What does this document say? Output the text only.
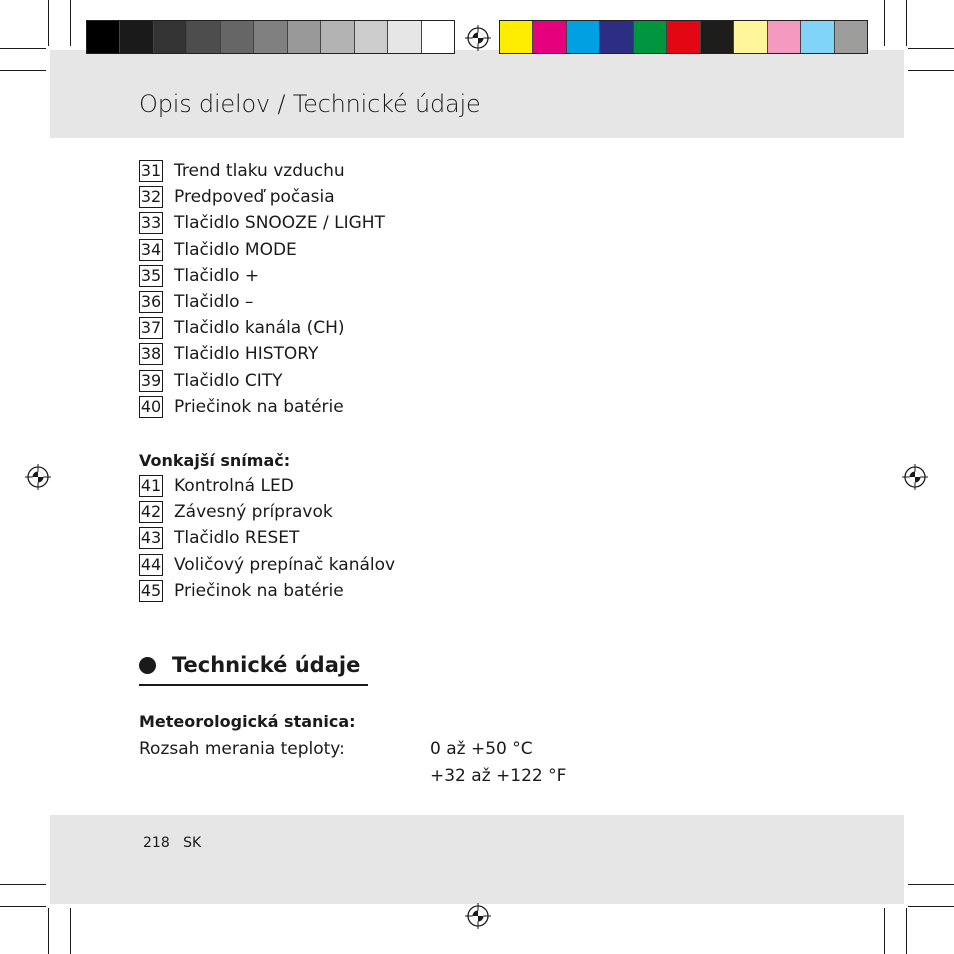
Opis dielov / Technické údaje
31 Trend tlaku vzduchu
32 Predpoveď počasia
33 Tlačidlo SNOOZE / LIGHT
34 Tlačidlo MODE
35 Tlačidlo +
36 Tlačidlo –
37 Tlačidlo kanála (CH)
38 Tlačidlo HISTORY
39 Tlačidlo CITY
40 Priečinok na batérie
Vonkajší snímač:
41 Kontrolná LED
42 Závesný prípravok
43 Tlačidlo RESET
44 Voličový prepínač kanálov
45 Priečinok na batérie
Technické údaje
Meteorologická stanica:
Rozsah merania teploty:	0 až +50 °C
+32 až +122 °F
218 SK
